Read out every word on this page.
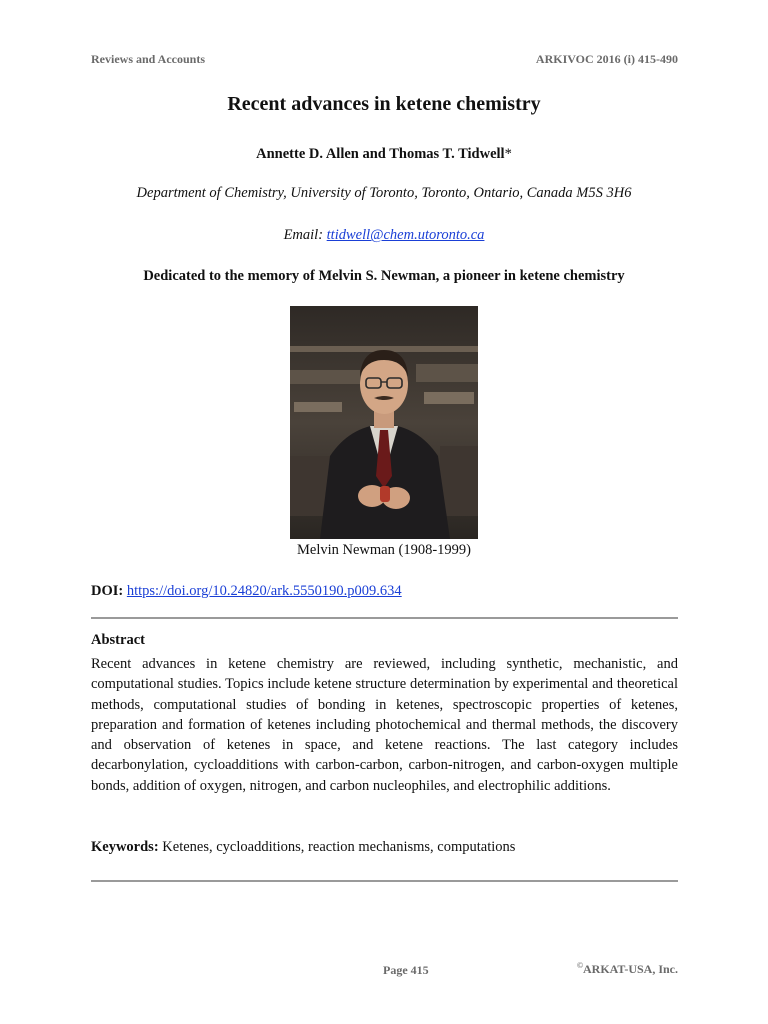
Reviews and Accounts	ARKIVOC 2016 (i) 415-490
Recent advances in ketene chemistry
Annette D. Allen and Thomas T. Tidwell*
Department of Chemistry, University of Toronto, Toronto, Ontario, Canada M5S 3H6
Email: ttidwell@chem.utoronto.ca
Dedicated to the memory of Melvin S. Newman, a pioneer in ketene chemistry
Melvin Newman (1908-1999)
DOI: https://doi.org/10.24820/ark.5550190.p009.634
Abstract
Recent advances in ketene chemistry are reviewed, including synthetic, mechanistic, and computational studies. Topics include ketene structure determination by experimental and theoretical methods, computational studies of bonding in ketenes, spectroscopic properties of ketenes, preparation and formation of ketenes including photochemical and thermal methods, the discovery and observation of ketenes in space, and ketene reactions. The last category includes decarbonylation, cycloadditions with carbon-carbon, carbon-nitrogen, and carbon-oxygen multiple bonds, addition of oxygen, nitrogen, and carbon nucleophiles, and electrophilic additions.
Keywords: Ketenes, cycloadditions, reaction mechanisms, computations
Page 415	©ARKAT-USA, Inc.
